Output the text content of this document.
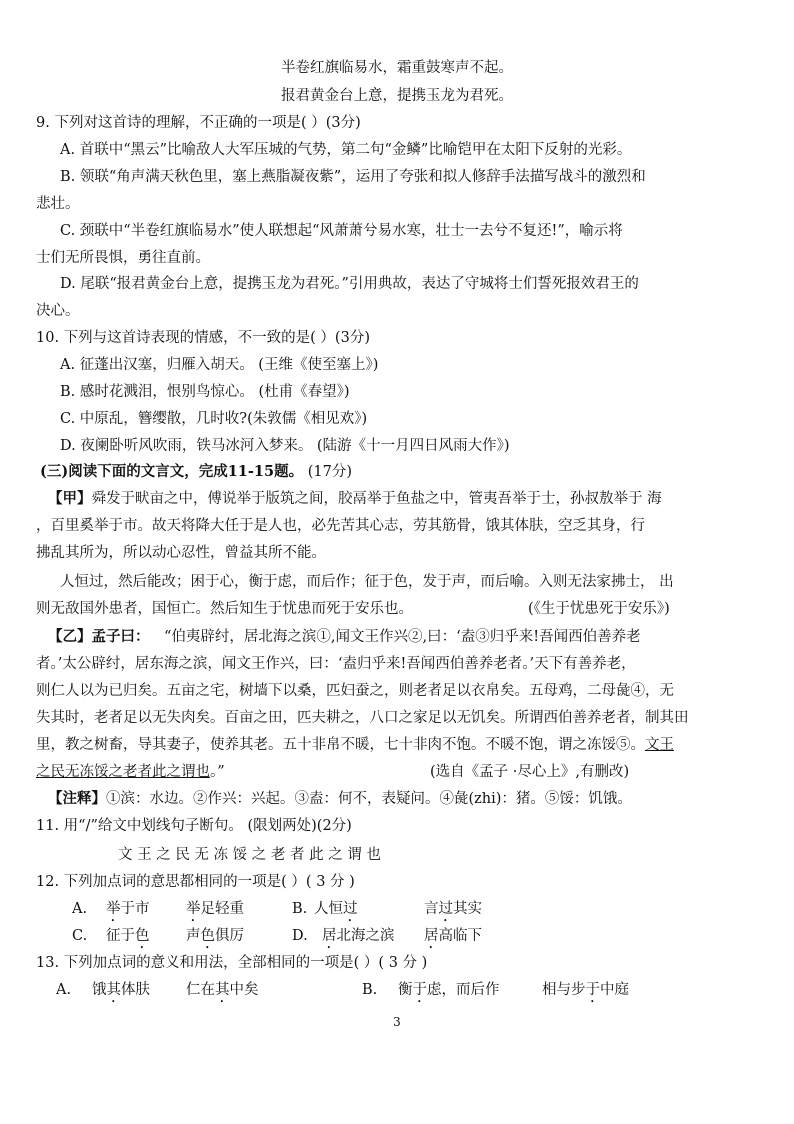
半卷红旗临易水，霜重鼓寒声不起。
报君黄金台上意，提携玉龙为君死。
9. 下列对这首诗的理解，不正确的一项是( ）(3分)
A. 首联中“黑云”比喻敌人大军压城的气势，第二句“金鳞”比喻铠甲在太阳下反射的光彩。
B. 领联“角声满天秋色里，塞上燕脂凝夜紫”，运用了夸张和拟人修辞手法描写战斗的激烈和
悲壮。
C. 颈联中“半卷红旗临易水”使人联想起“风萧萧兮易水寒，壮士一去兮不复还!”，喻示将
士们无所畏惧，勇往直前。
D. 尾联“报君黄金台上意，提携玉龙为君死。”引用典故，表达了守城将士们誓死报效君王的
决心。
10. 下列与这首诗表现的情感，不一致的是( ）(3分)
A. 征蓬出汉塞，归雁入胡天。 (王维《使至塞上》)
B. 感时花溅泪，恨别鸟惊心。 (杜甫《春望》)
C. 中原乱，簪缨散，几时收?(朱敦儒《相见欢》)
D. 夜阑卧听风吹雨，铁马冰河入梦来。 (陆游《十一月四日风雨大作》)
(三)阅读下面的文言文，完成11-15题。 (17分)
【甲】舜发于畎亩之中，傅说举于版筑之间，胶鬲举于鱼盐之中，管夷吾举于士，孙叔敖举于 海
，百里奚举于市。故天将降大任于是人也，必先苦其心志，劳其筋骨，饿其体肤，空乏其身，行
拂乱其所为，所以动心忍性，曾益其所不能。
人恒过，然后能改；困于心，衡于虑，而后作；征于色，发于声，而后喻。入则无法家拂士， 出
则无敌国外患者，国恒亡。然后知生于忧患而死于安乐也。	(《生于忧患死于安乐》)
【乙】孟子曰：  “伯夷辟纣，居北海之滨①,闻文王作兴②,曰：‘盍③归乎来!吾闻西伯善养老
者。’太公辟纣，居东海之滨，闻文王作兴，曰：‘盍归乎来!吾闻西伯善养老者。’天下有善养老，
则仁人以为已归矣。五亩之宅，树墙下以桑，匹妇蚕之，则老者足以衣帛矣。五母鸡，二母彘④，无
失其时，老者足以无失肉矣。百亩之田，匹夫耕之，八口之家足以无饥矣。所谓西伯善养老者，制其田
里，教之树畜，导其妻子，使养其老。五十非帛不暖，七十非肉不饱。不暖不饱，谓之冻馁⑤。文王
之民无冻馁之老者此之谓也。”	(选自《孟子 ·尽心上》,有删改)
【注释】①滨：水边。②作兴：兴起。③盍：何不，表疑问。④彘(zhi)：猪。⑤馁：饥饿。
11. 用“/”给文中划线句子断句。 (限划两处)(2分)
文 王 之 民 无 冻 馁 之 老 者 此 之 谓 也
12. 下列加点词的意思都相同的一项是( ）( 3 分 )
A. 举于市	举足轻重	B. 人恒过	言过其实
C. 征于色	声色俱厉	D. 居北海之滨 居高临下
13. 下列加点词的意义和用法，全部相同的一项是( ）( 3 分 )
A. 饿其体肤 仁在其中矣	B. 衡于虑，而后作	相与步于中庭
3
